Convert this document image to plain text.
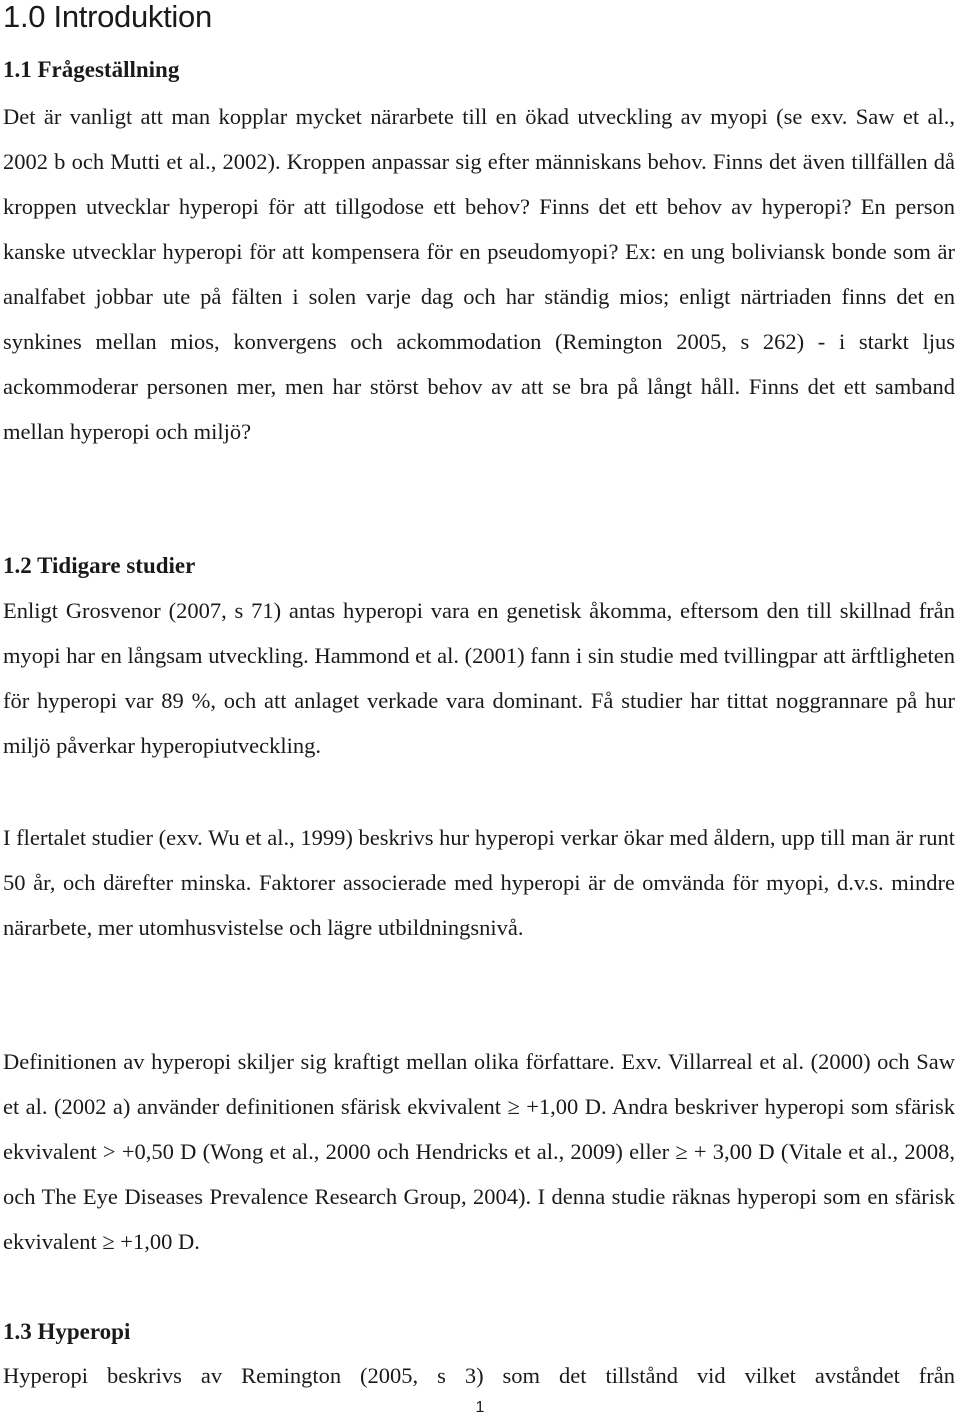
1.0 Introduktion
1.1 Frågeställning

Det är vanligt att man kopplar mycket närarbete till en ökad utveckling av myopi (se exv. Saw et al., 2002 b och Mutti et al., 2002). Kroppen anpassar sig efter människans behov. Finns det även tillfällen då kroppen utvecklar hyperopi för att tillgodose ett behov? Finns det ett behov av hyperopi? En person kanske utvecklar hyperopi för att kompensera för en pseudomyopi? Ex: en ung boliviansk bonde som är analfabet jobbar ute på fälten i solen varje dag och har ständig mios; enligt närtriaden finns det en synkines mellan mios, konvergens och ackommodation (Remington 2005, s 262) - i starkt ljus ackommoderar personen mer, men har störst behov av att se bra på långt håll. Finns det ett samband mellan hyperopi och miljö?

1.2 Tidigare studier

Enligt Grosvenor (2007, s 71) antas hyperopi vara en genetisk åkomma, eftersom den till skillnad från myopi har en långsam utveckling. Hammond et al. (2001) fann i sin studie med tvillingpar att ärftligheten för hyperopi var 89 %, och att anlaget verkade vara dominant. Få studier har tittat noggrannare på hur miljö påverkar hyperopiutveckling.

I flertalet studier (exv. Wu et al., 1999) beskrivs hur hyperopi verkar ökar med åldern, upp till man är runt 50 år, och därefter minska. Faktorer associerade med hyperopi är de omvända för myopi, d.v.s. mindre närarbete, mer utomhusvistelse och lägre utbildningsnivå.

Definitionen av hyperopi skiljer sig kraftigt mellan olika författare. Exv. Villarreal et al. (2000) och Saw et al. (2002 a) använder definitionen sfärisk ekvivalent ≥ +1,00 D. Andra beskriver hyperopi som sfärisk ekvivalent > +0,50 D (Wong et al., 2000 och Hendricks et al., 2009) eller ≥ + 3,00 D (Vitale et al., 2008, och The Eye Diseases Prevalence Research Group, 2004). I denna studie räknas hyperopi som en sfärisk ekvivalent ≥ +1,00 D.

1.3 Hyperopi

Hyperopi beskrivs av Remington (2005, s 3) som det tillstånd vid vilket avståndet från

1
